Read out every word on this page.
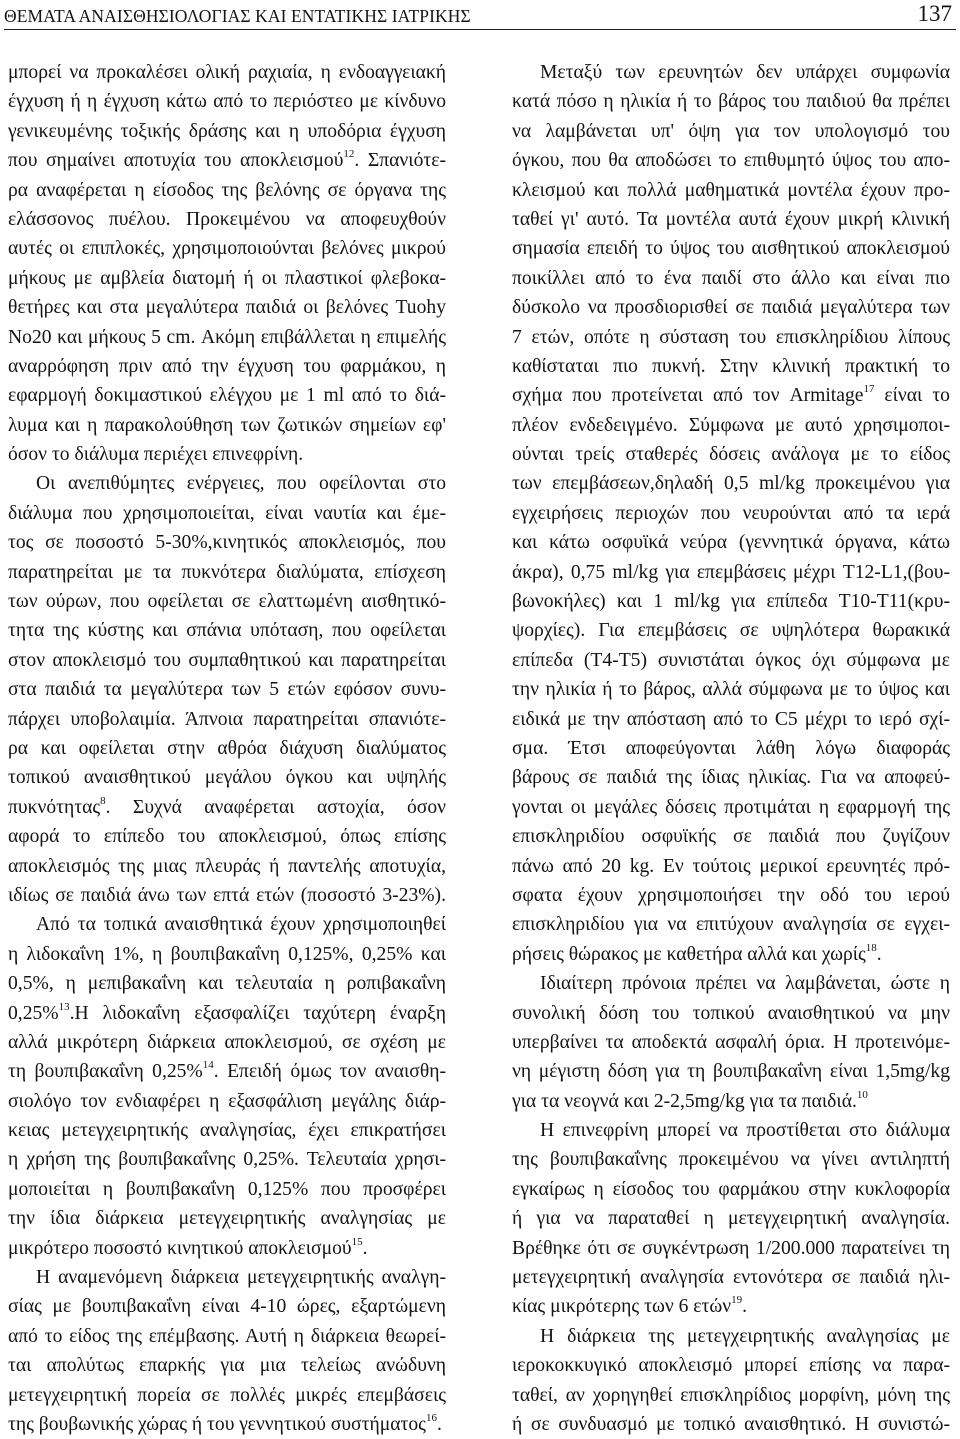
ΘΕΜΑΤΑ ΑΝΑΙΣΘΗΣΙΟΛΟΓΙΑΣ ΚΑΙ ΕΝΤΑΤΙΚΗΣ ΙΑΤΡΙΚΗΣ	137
μπορεί να προκαλέσει ολική ραχιαία, η ενδοαγγειακή
έγχυση ή η έγχυση κάτω από το περιόστεο με κίνδυνο
γενικευμένης τοξικής δράσης και η υποδόρια έγχυση
που σημαίνει αποτυχία του αποκλεισμού$^{12}$. Σπανιότε-
ρα αναφέρεται η είσοδος της βελόνης σε όργανα της
ελάσσονος πυέλου. Προκειμένου να αποφευχθούν
αυτές οι επιπλοκές, χρησιμοποιούνται βελόνες μικρού
μήκους με αμβλεία διατομή ή οι πλαστικοί φλεβοκα-
θετήρες και στα μεγαλύτερα παιδιά οι βελόνες Tuohy
No20 και μήκους 5 cm. Ακόμη επιβάλλεται η επιμελής
αναρρόφηση πριν από την έγχυση του φαρμάκου, η
εφαρμογή δοκιμαστικού ελέγχου με 1 ml από το διά-
λυμα και η παρακολούθηση των ζωτικών σημείων εφ'
όσον το διάλυμα περιέχει επινεφρίνη.
Οι ανεπιθύμητες ενέργειες, που οφείλονται στο
διάλυμα που χρησιμοποιείται, είναι ναυτία και έμε-
τος σε ποσοστό 5-30%,κινητικός αποκλεισμός, που
παρατηρείται με τα πυκνότερα διαλύματα, επίσχεση
των ούρων, που οφείλεται σε ελαττωμένη αισθητικό-
τητα της κύστης και σπάνια υπόταση, που οφείλεται
στον αποκλεισμό του συμπαθητικού και παρατηρείται
στα παιδιά τα μεγαλύτερα των 5 ετών εφόσον συνυ-
πάρχει υποβολαιμία. Άπνοια παρατηρείται σπανιότε-
ρα και οφείλεται στην αθρόα διάχυση διαλύματος
τοπικού αναισθητικού μεγάλου όγκου και υψηλής
πυκνότητας$^8$. Συχνά αναφέρεται αστοχία, όσον
αφορά το επίπεδο του αποκλεισμού, όπως επίσης
αποκλεισμός της μιας πλευράς ή παντελής αποτυχία,
ιδίως σε παιδιά άνω των επτά ετών (ποσοστό 3-23%).
Από τα τοπικά αναισθητικά έχουν χρησιμοποιηθεί
η λιδοκαΐνη 1%, η βουπιβακαΐνη 0,125%, 0,25% και
0,5%, η μεπιβακαΐνη και τελευταία η ροπιβακαΐνη
0,25%$^{13}$.Η λιδοκαΐνη εξασφαλίζει ταχύτερη έναρξη
αλλά μικρότερη διάρκεια αποκλεισμού, σε σχέση με
τη βουπιβακαΐνη 0,25%$^{14}$. Επειδή όμως τον αναισθη-
σιολόγο τον ενδιαφέρει η εξασφάλιση μεγάλης διάρ-
κειας μετεγχειρητικής αναλγησίας, έχει επικρατήσει
η χρήση της βουπιβακαΐνης 0,25%. Τελευταία χρησι-
μοποιείται η βουπιβακαΐνη 0,125% που προσφέρει
την ίδια διάρκεια μετεγχειρητικής αναλγησίας με
μικρότερο ποσοστό κινητικού αποκλεισμού$^{15}$.
Η αναμενόμενη διάρκεια μετεγχειρητικής αναλγη-
σίας με βουπιβακαΐνη είναι 4-10 ώρες, εξαρτώμενη
από το είδος της επέμβασης. Αυτή η διάρκεια θεωρεί-
ται απολύτως επαρκής για μια τελείως ανώδυνη
μετεγχειρητική πορεία σε πολλές μικρές επεμβάσεις
της βουβωνικής χώρας ή του γεννητικού συστήματος$^{16}$.
Μεταξύ των ερευνητών δεν υπάρχει συμφωνία
κατά πόσο η ηλικία ή το βάρος του παιδιού θα πρέπει
να λαμβάνεται υπ' όψη για τον υπολογισμό του
όγκου, που θα αποδώσει το επιθυμητό ύψος του απο-
κλεισμού και πολλά μαθηματικά μοντέλα έχουν προ-
ταθεί γι' αυτό. Τα μοντέλα αυτά έχουν μικρή κλινική
σημασία επειδή το ύψος του αισθητικού αποκλεισμού
ποικίλλει από το ένα παιδί στο άλλο και είναι πιο
δύσκολο να προσδιορισθεί σε παιδιά μεγαλύτερα των
7 ετών, οπότε η σύσταση του επισκληρίδιου λίπους
καθίσταται πιο πυκνή. Στην κλινική πρακτική το
σχήμα που προτείνεται από τον Armitage$^{17}$ είναι το
πλέον ενδεδειγμένο. Σύμφωνα με αυτό χρησιμοποι-
ούνται τρείς σταθερές δόσεις ανάλογα με το είδος
των επεμβάσεων,δηλαδή 0,5 ml/kg προκειμένου για
εγχειρήσεις περιοχών που νευρούνται από τα ιερά
και κάτω οσφυϊκά νεύρα (γεννητικά όργανα, κάτω
άκρα), 0,75 ml/kg για επεμβάσεις μέχρι T12-L1,(βου-
βωνοκήλες) και 1 ml/kg για επίπεδα T10-T11(κρυ-
ψορχίες). Για επεμβάσεις σε υψηλότερα θωρακικά
επίπεδα (T4-T5) συνιστάται όγκος όχι σύμφωνα με
την ηλικία ή το βάρος, αλλά σύμφωνα με το ύψος και
ειδικά με την απόσταση από το C5 μέχρι το ιερό σχί-
σμα. Έτσι αποφεύγονται λάθη λόγω διαφοράς
βάρους σε παιδιά της ίδιας ηλικίας. Για να αποφεύ-
γονται οι μεγάλες δόσεις προτιμάται η εφαρμογή της
επισκληριδίου οσφυϊκής σε παιδιά που ζυγίζουν
πάνω από 20 kg. Εν τούτοις μερικοί ερευνητές πρό-
σφατα έχουν χρησιμοποιήσει την οδό του ιερού
επισκληριδίου για να επιτύχουν αναλγησία σε εγχει-
ρήσεις θώρακος με καθετήρα αλλά και χωρίς$^{18}$.
Ιδιαίτερη πρόνοια πρέπει να λαμβάνεται, ώστε η
συνολική δόση του τοπικού αναισθητικού να μην
υπερβαίνει τα αποδεκτά ασφαλή όρια. Η προτεινόμε-
νη μέγιστη δόση για τη βουπιβακαΐνη είναι 1,5mg/kg
για τα νεογνά και 2-2,5mg/kg για τα παιδιά.$^{10}$
Η επινεφρίνη μπορεί να προστίθεται στο διάλυμα
της βουπιβακαΐνης προκειμένου να γίνει αντιληπτή
εγκαίρως η είσοδος του φαρμάκου στην κυκλοφορία
ή για να παραταθεί η μετεγχειρητική αναλγησία.
Βρέθηκε ότι σε συγκέντρωση 1/200.000 παρατείνει τη
μετεγχειρητική αναλγησία εντονότερα σε παιδιά ηλι-
κίας μικρότερης των 6 ετών$^{19}$.
Η διάρκεια της μετεγχειρητικής αναλγησίας με
ιεροκοκκυγικό αποκλεισμό μπορεί επίσης να παρα-
ταθεί, αν χορηγηθεί επισκληρίδιος μορφίνη, μόνη της
ή σε συνδυασμό με τοπικό αναισθητικό. Η συνιστώ-
